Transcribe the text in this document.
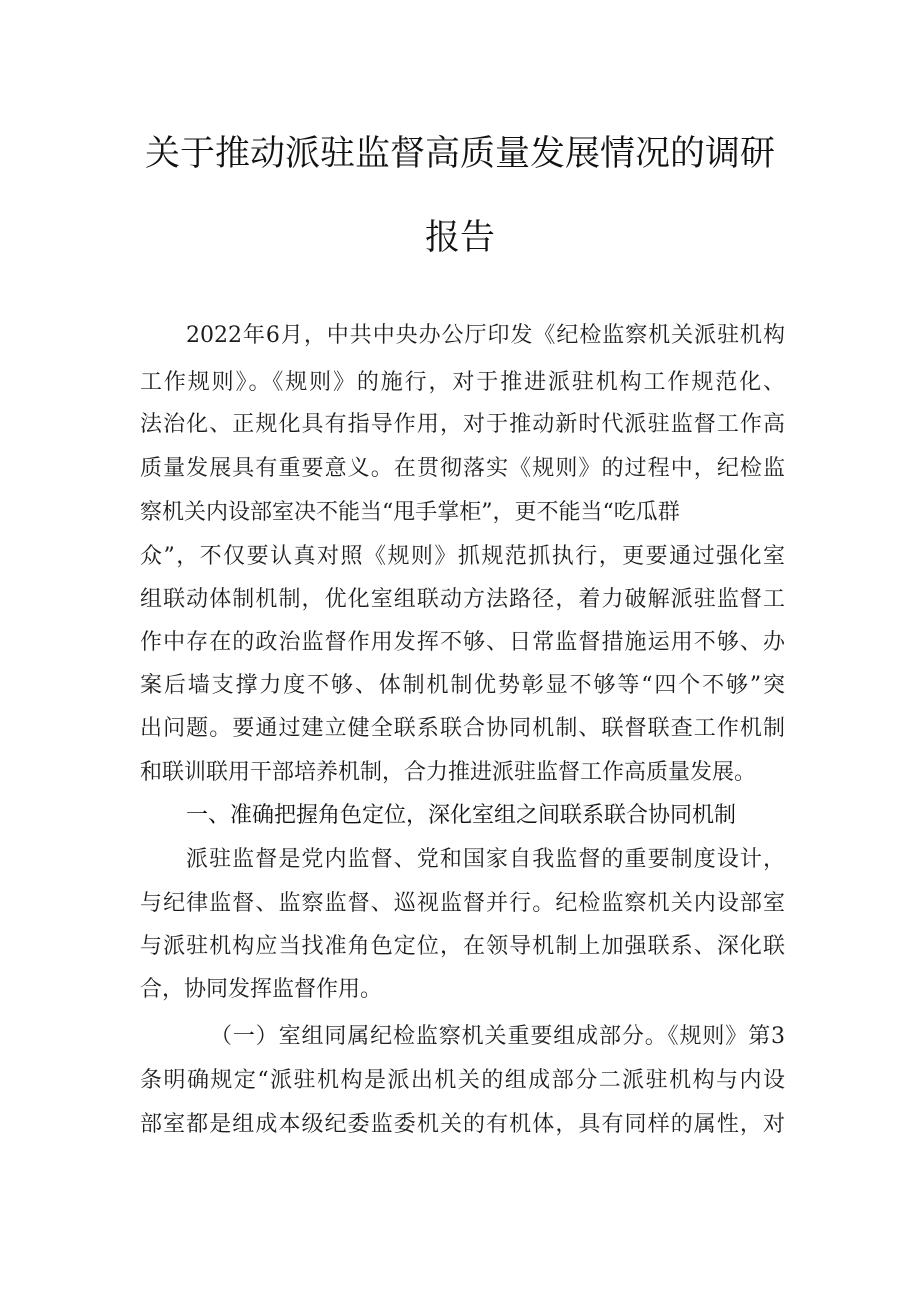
关于推动派驻监督高质量发展情况的调研
报告
2022年6月，中共中央办公厅印发《纪检监察机关派驻机构
工作规则》。《规则》的施行，对于推进派驻机构工作规范化、
法治化、正规化具有指导作用，对于推动新时代派驻监督工作高
质量发展具有重要意义。在贯彻落实《规则》的过程中，纪检监
察机关内设部室决不能当“甩手掌柜”，更不能当“吃瓜群
众”，不仅要认真对照《规则》抓规范抓执行，更要通过强化室
组联动体制机制，优化室组联动方法路径，着力破解派驻监督工
作中存在的政治监督作用发挥不够、日常监督措施运用不够、办
案后墙支撑力度不够、体制机制优势彰显不够等“四个不够”突
出问题。要通过建立健全联系联合协同机制、联督联查工作机制
和联训联用干部培养机制，合力推进派驻监督工作高质量发展。
一、准确把握角色定位，深化室组之间联系联合协同机制
派驻监督是党内监督、党和国家自我监督的重要制度设计，
与纪律监督、监察监督、巡视监督并行。纪检监察机关内设部室
与派驻机构应当找准角色定位，在领导机制上加强联系、深化联
合，协同发挥监督作用。
（一）室组同属纪检监察机关重要组成部分。《规则》第3
条明确规定“派驻机构是派出机关的组成部分二派驻机构与内设
部室都是组成本级纪委监委机关的有机体，具有同样的属性，对
